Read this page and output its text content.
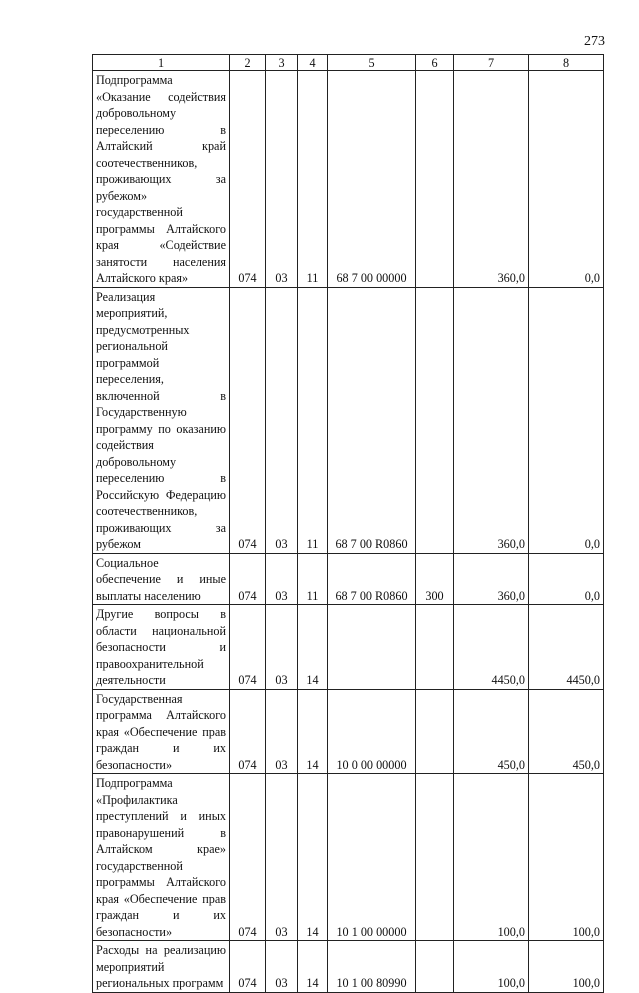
273
1	2	3	4	5	6	7	8
Подпрограмма «Оказание содействия добровольному переселению в Алтайский край соотечественников, проживающих за рубежом» государственной программы Алтайского края «Содействие занятости населения Алтайского края»	074	03	11	68 7 00 00000		360,0	0,0
Реализация мероприятий, предусмотренных региональной программой переселения, включенной в Государственную программу по оказанию содействия добровольному переселению в Российскую Федерацию соотечественников, проживающих за рубежом	074	03	11	68 7 00 R0860		360,0	0,0
Социальное обеспечение и иные выплаты населению	074	03	11	68 7 00 R0860	300	360,0	0,0
Другие вопросы в области национальной безопасности и правоохранительной деятельности	074	03	14			4450,0	4450,0
Государственная программа Алтайского края «Обеспечение прав граждан и их безопасности»	074	03	14	10 0 00 00000		450,0	450,0
Подпрограмма «Профилактика преступлений и иных правонарушений в Алтайском крае» государственной программы Алтайского края «Обеспечение прав граждан и их безопасности»	074	03	14	10 1 00 00000		100,0	100,0
Расходы на реализацию мероприятий региональных программ	074	03	14	10 1 00 80990		100,0	100,0
